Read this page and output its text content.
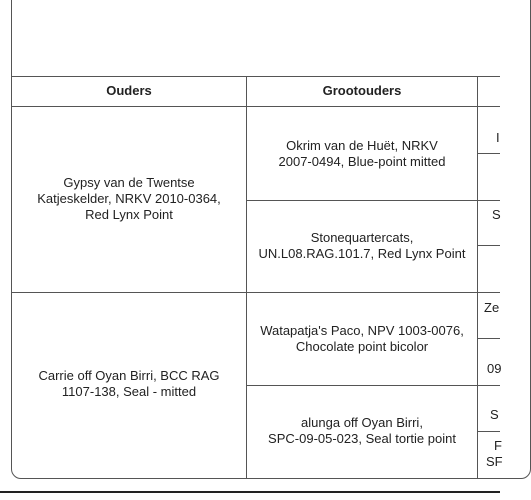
Ouders	Grootouders
Gypsy van de Twentse Katjeskelder, NRKV 2010-0364, Red Lynx Point
Carrie off Oyan Birri, BCC RAG 1107-138, Seal - mitted
Okrim van de Huët, NRKV
2007-0494, Blue-point mitted
Stonequartercats,
UN.L08.RAG.101.7, Red Lynx Point
Watapatja's Paco, NPV 1003-0076,
Chocolate point bicolor
alunga off Oyan Birri,
SPC-09-05-023, Seal tortie point
I
S
Ze
09
S
F
SF
